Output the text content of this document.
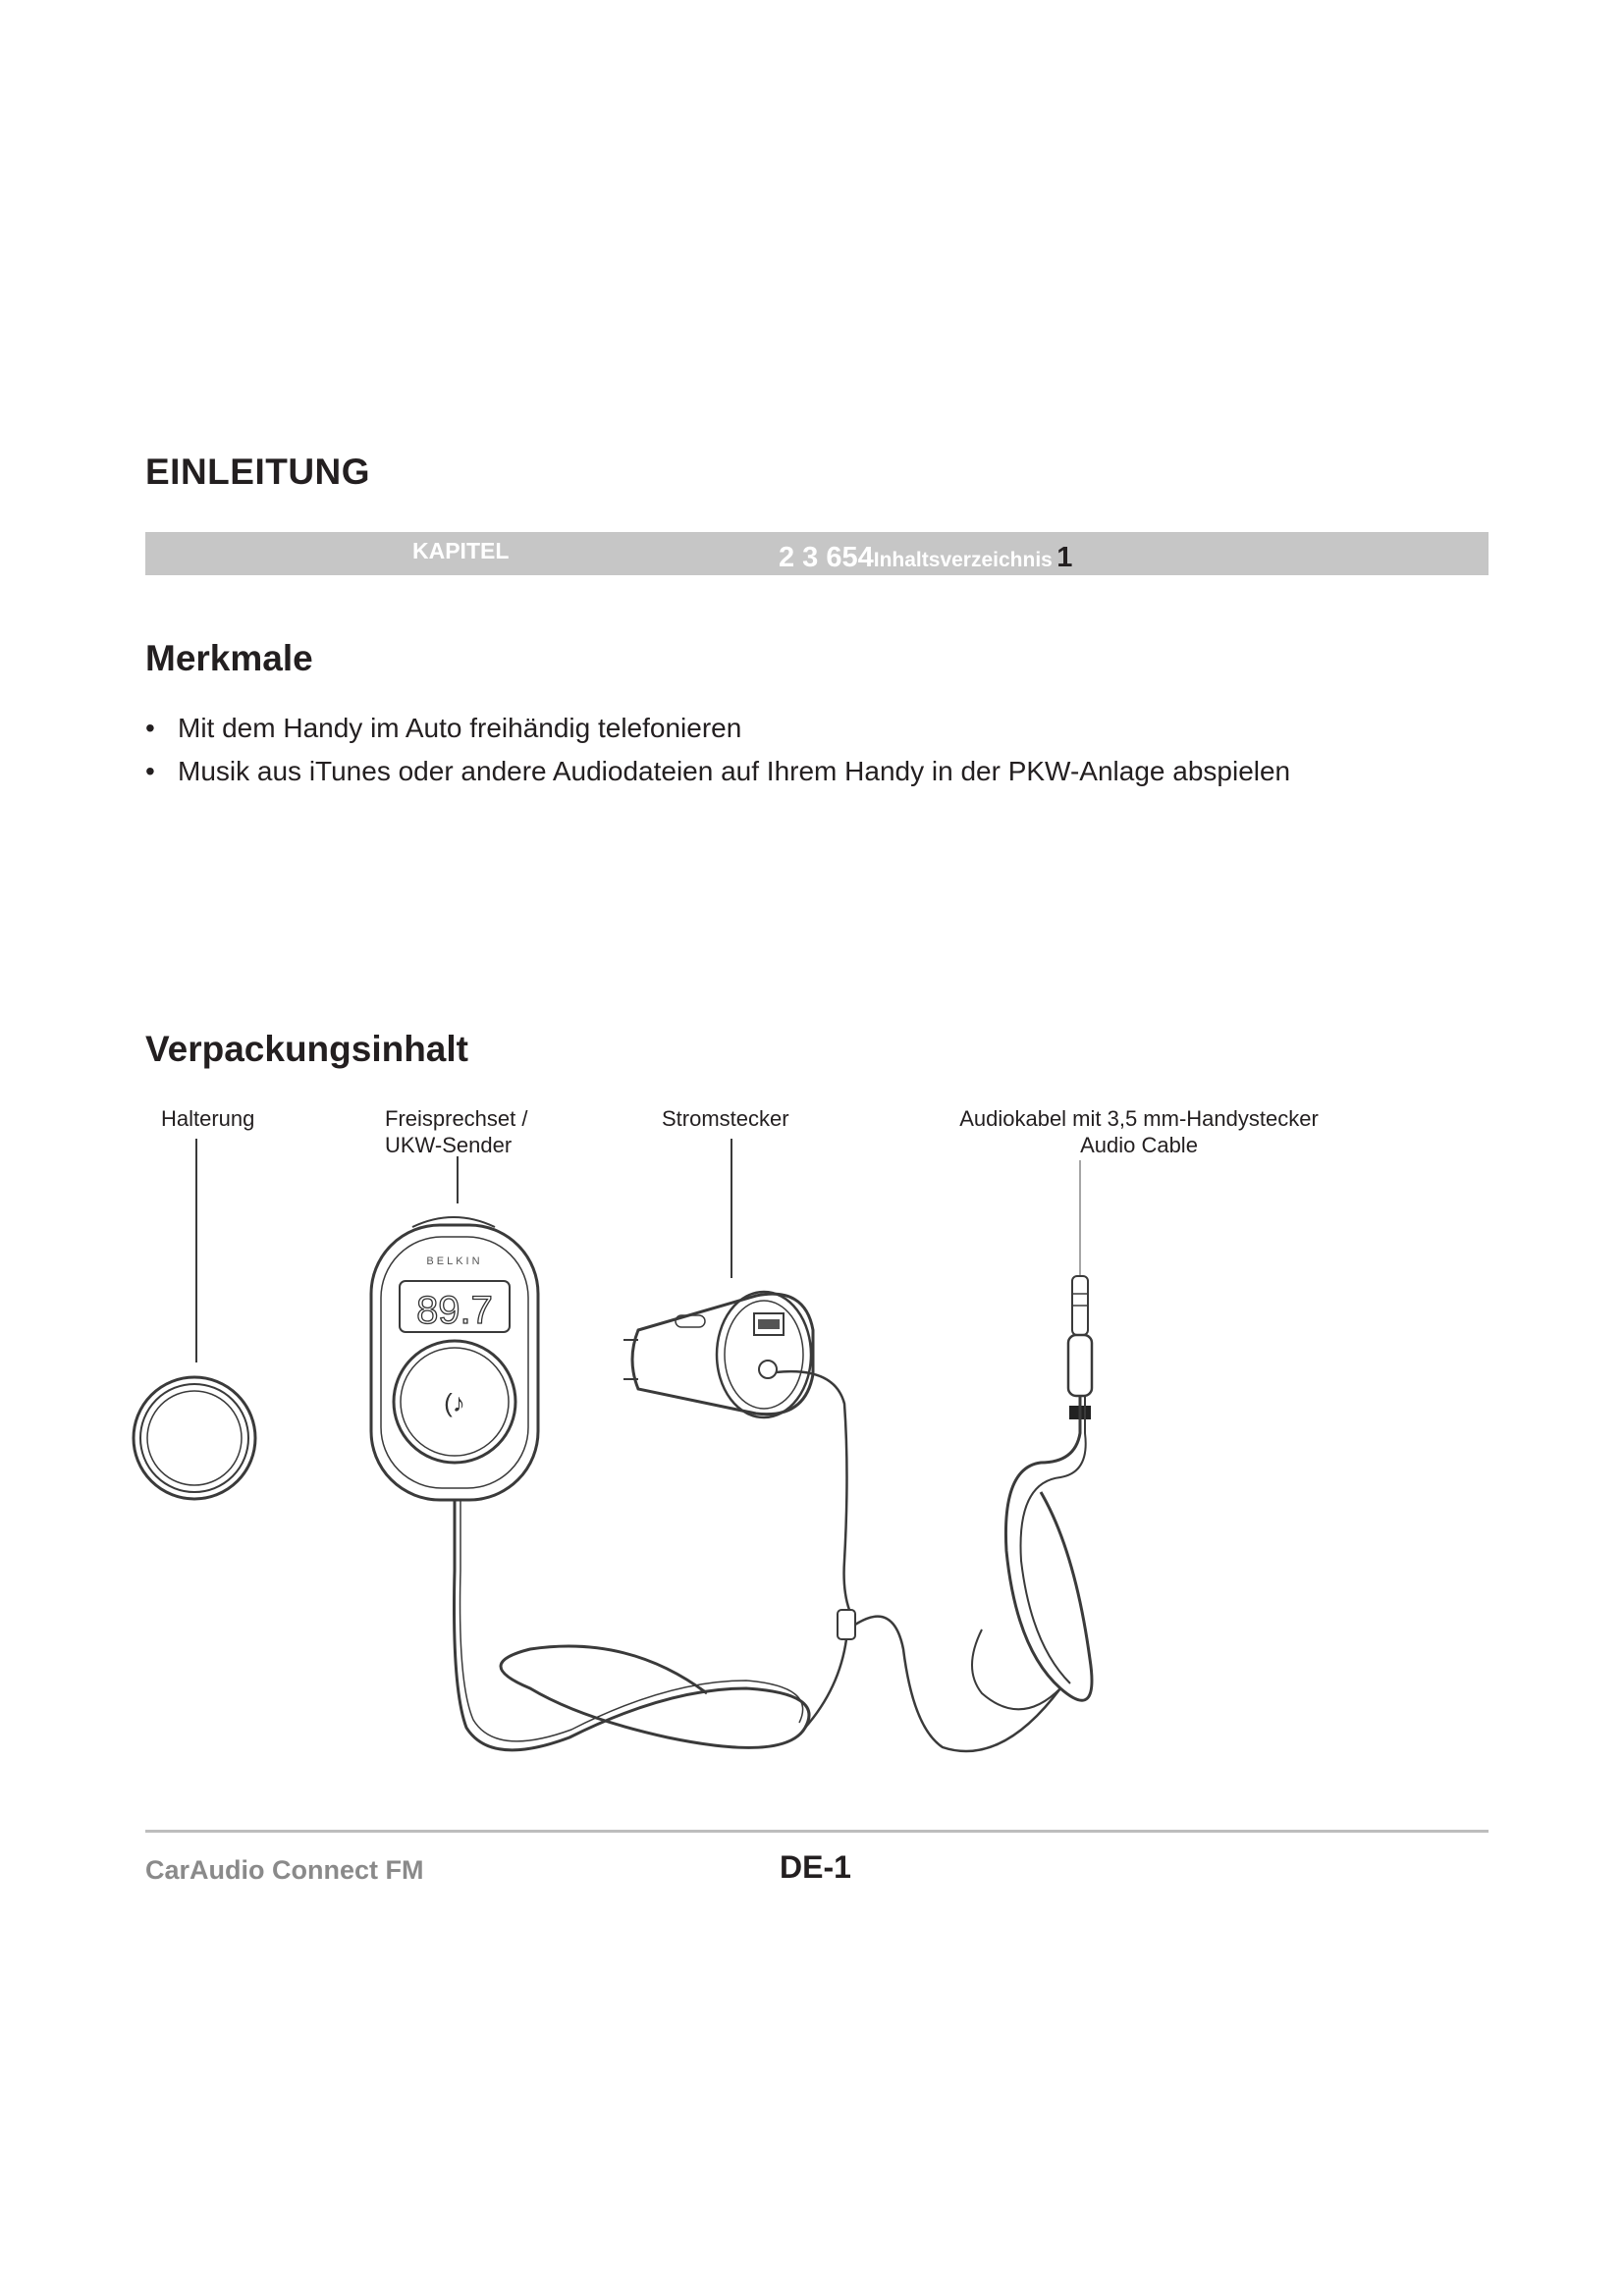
EINLEITUNG
KAPITEL	2 3 654Inhaltsverzeichnis 1
Merkmale
• Mit dem Handy im Auto freihändig telefonieren
• Musik aus iTunes oder andere Audiodateien auf Ihrem Handy in der PKW-Anlage abspielen
Verpackungsinhalt
Halterung	Freisprechset /
UKW-Sender
Stromstecker	Audiokabel mit 3,5 mm-Handystecker
Audio Cable
BELKIN
89.7
(♪
CarAudio Connect FM	DE-1
